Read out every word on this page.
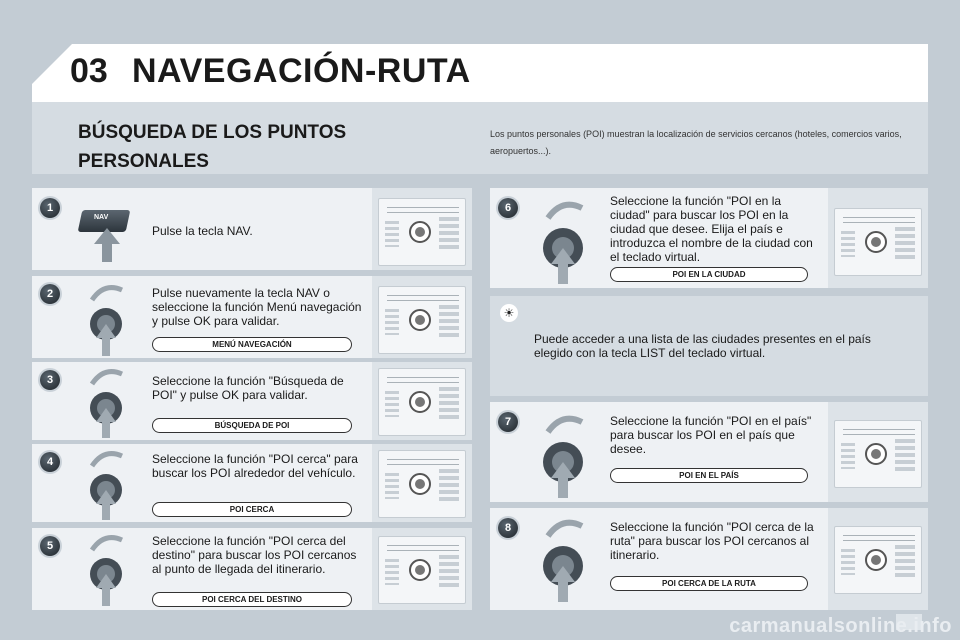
03 NAVEGACIÓN-RUTA
BÚSQUEDA DE LOS PUNTOS PERSONALES
Los puntos personales (POI) muestran la localización de servicios cercanos (hoteles, comercios varios, aeropuertos...).
1
NAV
Pulse la tecla NAV.
2	Pulse nuevamente la tecla NAV o seleccione la función Menú navegación y pulse OK para validar.
MENÚ NAVEGACIÓN
3	Seleccione la función "Búsqueda de POI" y pulse OK para validar.
BÚSQUEDA DE POI
4	Seleccione la función "POI cerca" para buscar los POI alrededor del vehículo.
POI CERCA
5	Seleccione la función "POI cerca del destino" para buscar los POI cercanos al punto de llegada del itinerario.
POI CERCA DEL DESTINO
6	Seleccione la función "POI en la ciudad" para buscar los POI en la ciudad que desee. Elija el país e introduzca el nombre de la ciudad con el teclado virtual.
POI EN LA CIUDAD
☀
Puede acceder a una lista de las ciudades presentes en el país elegido con la tecla LIST del teclado virtual.
7	Seleccione la función "POI en el país" para buscar los POI en el país que desee.
POI EN EL PAÍS
8	Seleccione la función "POI cerca de la ruta" para buscar los POI cercanos al itinerario.
POI CERCA DE LA RUTA
carmanualsonline.info
